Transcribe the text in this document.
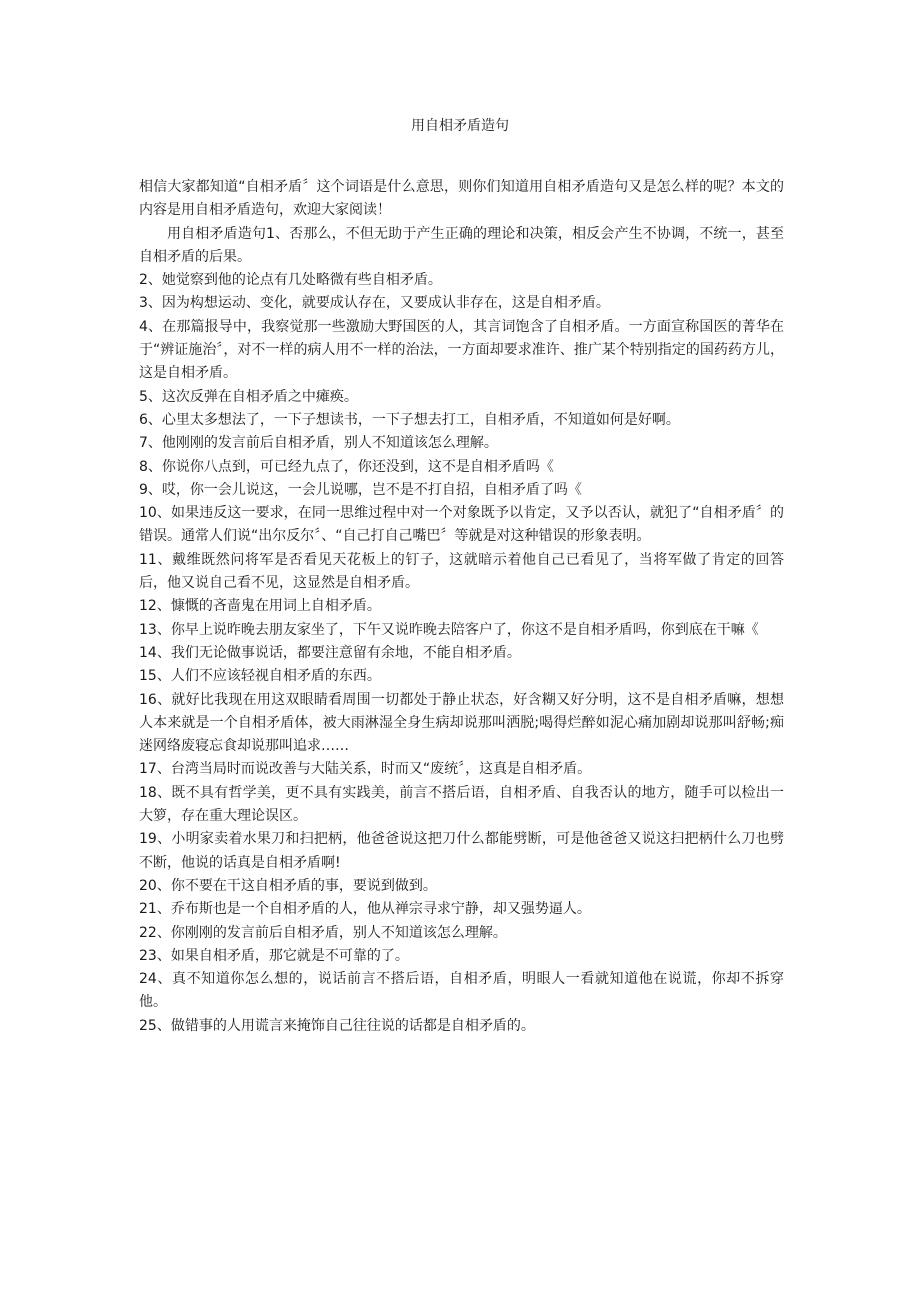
用自相矛盾造句

相信大家都知道“自相矛盾〞这个词语是什么意思，则你们知道用自相矛盾造句又是怎么样的呢？本文的内容是用自相矛盾造句，欢迎大家阅读！

用自相矛盾造句1、否那么，不但无助于产生正确的理论和决策，相反会产生不协调，不统一，甚至自相矛盾的后果。

2、她觉察到他的论点有几处略微有些自相矛盾。

3、因为构想运动、变化，就要成认存在，又要成认非存在，这是自相矛盾。

4、在那篇报导中，我察觉那一些激励大野国医的人，其言词饱含了自相矛盾。一方面宣称国医的菁华在于“辨证施治〞，对不一样的病人用不一样的治法，一方面却要求准许、推广某个特别指定的国药药方儿，这是自相矛盾。

5、这次反弹在自相矛盾之中瘫痪。

6、心里太多想法了，一下子想读书，一下子想去打工，自相矛盾，不知道如何是好啊。

7、他刚刚的发言前后自相矛盾，别人不知道该怎么理解。

8、你说你八点到，可已经九点了，你还没到，这不是自相矛盾吗《

9、哎，你一会儿说这，一会儿说哪，岂不是不打自招，自相矛盾了吗《

10、如果违反这一要求，在同一思维过程中对一个对象既予以肯定，又予以否认，就犯了“自相矛盾〞的错误。通常人们说“出尔反尔〞、“自己打自己嘴巴〞等就是对这种错误的形象表明。

11、戴维既然问将军是否看见天花板上的钉子，这就暗示着他自己已看见了，当将军做了肯定的回答后，他又说自己看不见，这显然是自相矛盾。

12、慷慨的吝啬鬼在用词上自相矛盾。

13、你早上说昨晚去朋友家坐了，下午又说昨晚去陪客户了，你这不是自相矛盾吗，你到底在干嘛《

14、我们无论做事说话，都要注意留有余地，不能自相矛盾。

15、人们不应该轻视自相矛盾的东西。

16、就好比我现在用这双眼睛看周围一切都处于静止状态，好含糊又好分明，这不是自相矛盾嘛，想想人本来就是一个自相矛盾体，被大雨淋湿全身生病却说那叫洒脱;喝得烂醉如泥心痛加剧却说那叫舒畅;痴迷网络废寝忘食却说那叫追求……

17、台湾当局时而说改善与大陆关系，时而又“废统〞，这真是自相矛盾。

18、既不具有哲学美，更不具有实践美，前言不搭后语，自相矛盾、自我否认的地方，随手可以检出一大箩，存在重大理论误区。

19、小明家卖着水果刀和扫把柄，他爸爸说这把刀什么都能劈断，可是他爸爸又说这扫把柄什么刀也劈不断，他说的话真是自相矛盾啊!

20、你不要在干这自相矛盾的事，要说到做到。

21、乔布斯也是一个自相矛盾的人，他从禅宗寻求宁静，却又强势逼人。

22、你刚刚的发言前后自相矛盾，别人不知道该怎么理解。

23、如果自相矛盾，那它就是不可靠的了。

24、真不知道你怎么想的，说话前言不搭后语，自相矛盾，明眼人一看就知道他在说谎，你却不拆穿他。

25、做错事的人用谎言来掩饰自己往往说的话都是自相矛盾的。
